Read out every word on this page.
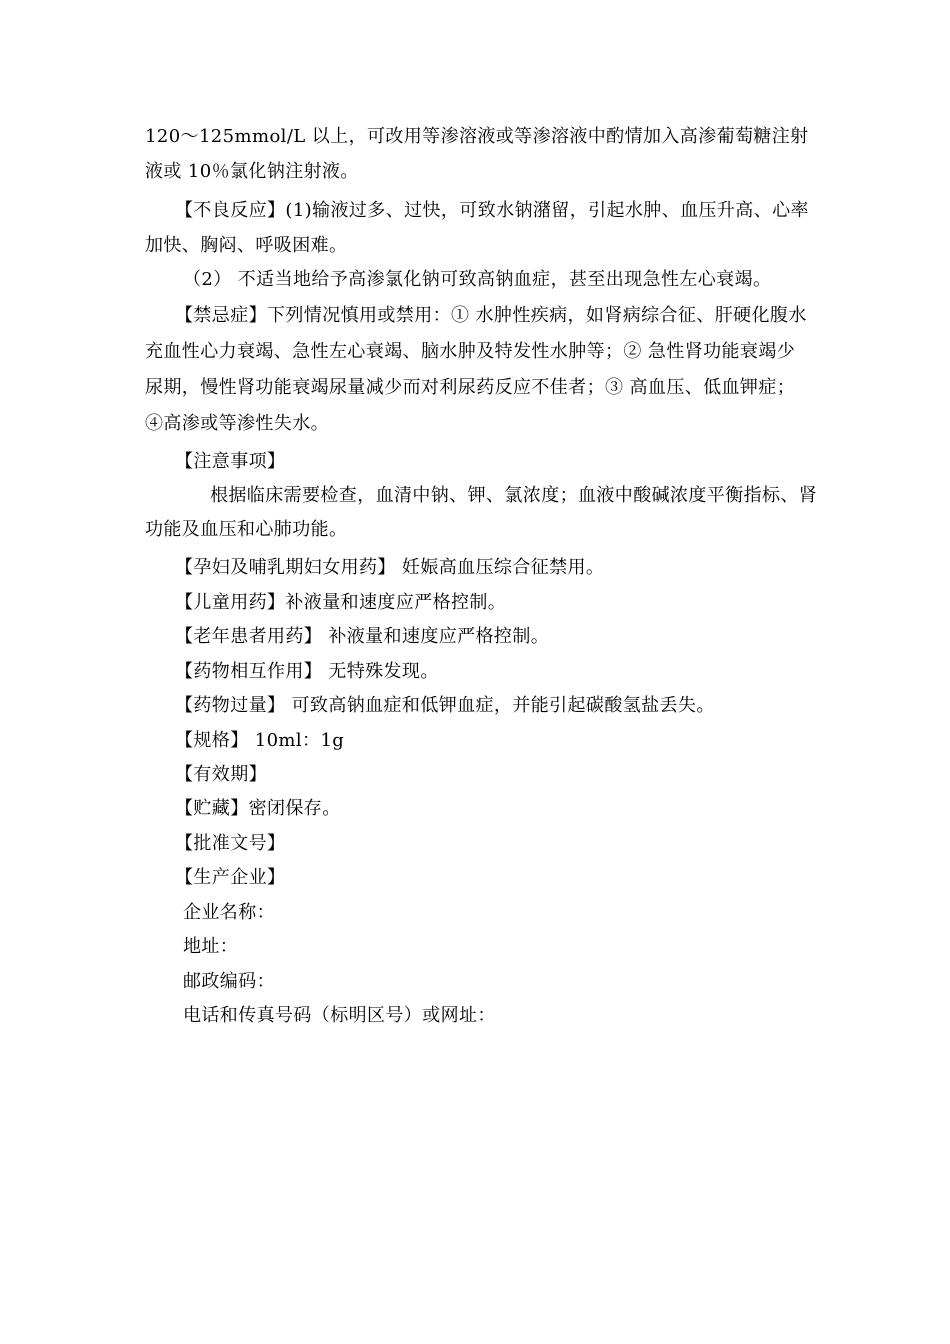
120～125mmol/L 以上，可改用等渗溶液或等渗溶液中酌情加入高渗葡萄糖注射
液或 10％氯化钠注射液。
【不良反应】(1)输液过多、过快，可致水钠潴留，引起水肿、血压升高、心率
加快、胸闷、呼吸困难。
（2） 不适当地给予高渗氯化钠可致高钠血症，甚至出现急性左心衰竭。
【禁忌症】下列情况慎用或禁用：① 水肿性疾病，如肾病综合征、肝硬化腹水
充血性心力衰竭、急性左心衰竭、脑水肿及特发性水肿等；② 急性肾功能衰竭少
尿期，慢性肾功能衰竭尿量减少而对利尿药反应不佳者；③ 高血压、低血钾症；
④高渗或等渗性失水。
【注意事项】
根据临床需要检查，血清中钠、钾、氯浓度；血液中酸碱浓度平衡指标、肾
功能及血压和心肺功能。
【孕妇及哺乳期妇女用药】 妊娠高血压综合征禁用。
【儿童用药】补液量和速度应严格控制。
【老年患者用药】 补液量和速度应严格控制。
【药物相互作用】 无特殊发现。
【药物过量】 可致高钠血症和低钾血症，并能引起碳酸氢盐丢失。
【规格】 10ml：1g
【有效期】
【贮藏】密闭保存。
【批准文号】
【生产企业】
企业名称：
地址：
邮政编码：
电话和传真号码（标明区号）或网址：
